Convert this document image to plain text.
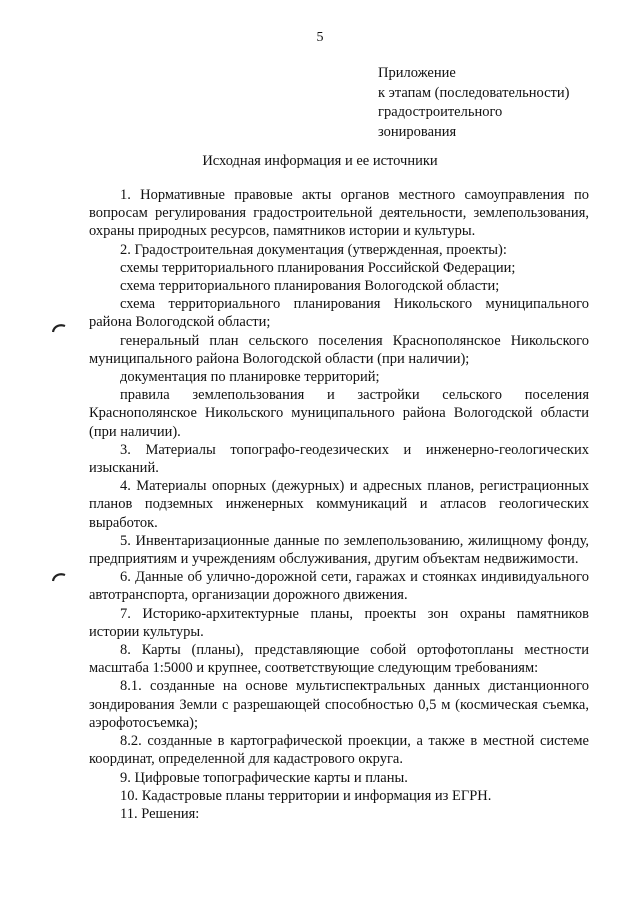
5
Приложение
к этапам (последовательности)
градостроительного
зонирования
Исходная информация и ее источники

1. Нормативные правовые акты органов местного самоуправления по вопросам регулирования градостроительной деятельности, землепользования, охраны природных ресурсов, памятников истории и культуры.

2. Градостроительная документация (утвержденная, проекты):

схемы территориального планирования Российской Федерации;

схема территориального планирования Вологодской области;

схема территориального планирования Никольского муниципального района Вологодской области;

генеральный план сельского поселения Краснополянское Никольского муниципального района Вологодской области (при наличии);

документация по планировке территорий;

правила землепользования и застройки сельского поселения Краснополянское Никольского муниципального района Вологодской области (при наличии).

3. Материалы топографо-геодезических и инженерно-геологических изысканий.

4. Материалы опорных (дежурных) и адресных планов, регистрационных планов подземных инженерных коммуникаций и атласов геологических выработок.

5. Инвентаризационные данные по землепользованию, жилищному фонду, предприятиям и учреждениям обслуживания, другим объектам недвижимости.

6. Данные об улично-дорожной сети, гаражах и стоянках индивидуального автотранспорта, организации дорожного движения.

7. Историко-архитектурные планы, проекты зон охраны памятников истории культуры.

8. Карты (планы), представляющие собой ортофотопланы местности масштаба 1:5000 и крупнее, соответствующие следующим требованиям:

8.1. созданные на основе мультиспектральных данных дистанционного зондирования Земли с разрешающей способностью 0,5 м (космическая съемка, аэрофотосъемка);

8.2. созданные в картографической проекции, а также в местной системе координат, определенной для кадастрового округа.

9. Цифровые топографические карты и планы.

10. Кадастровые планы территории и информация из ЕГРН.

11. Решения:
